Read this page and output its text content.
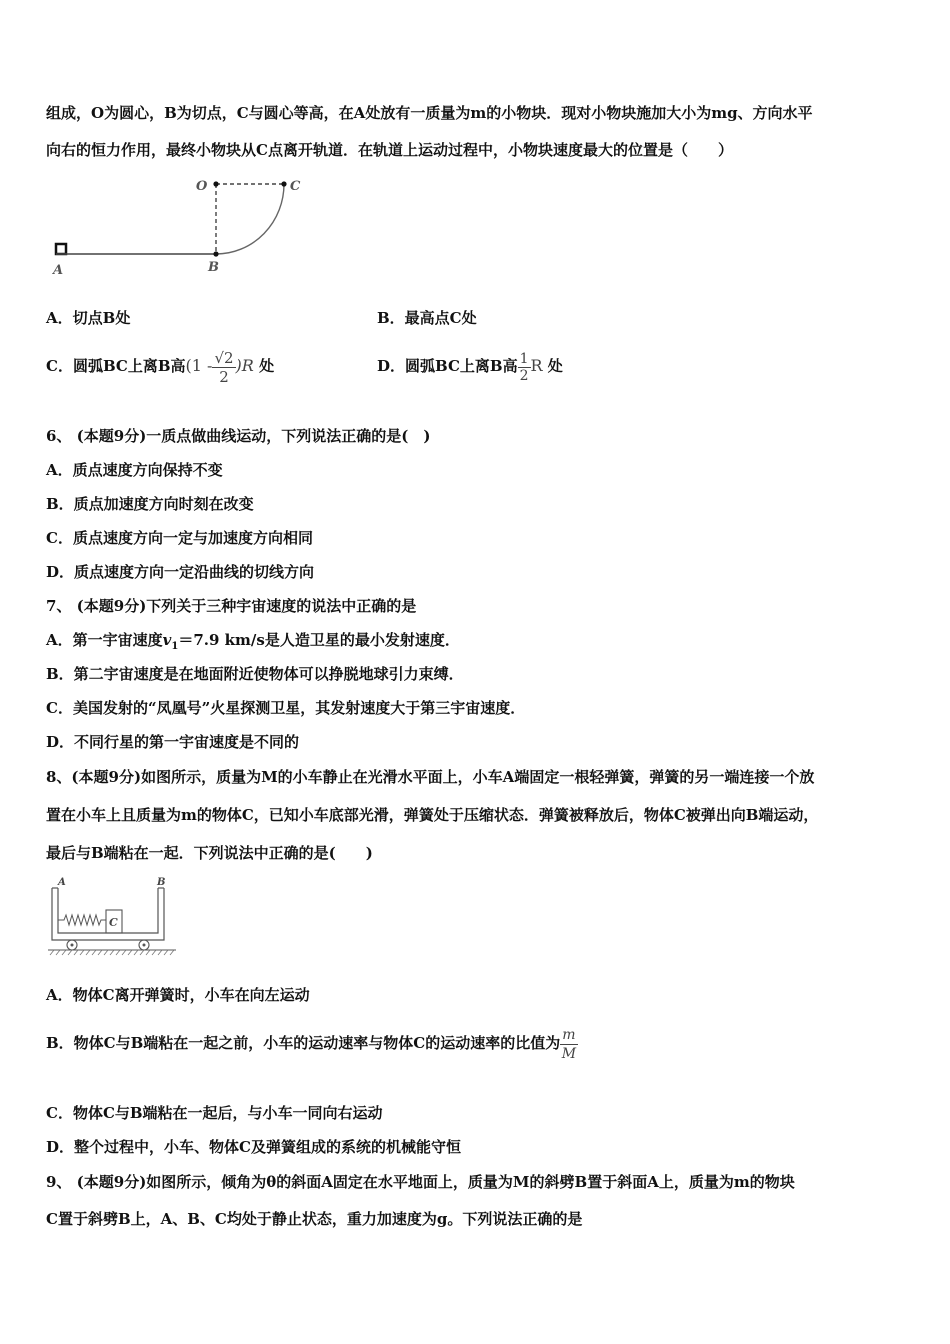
组成，O为圆心，B为切点，C与圆心等高，在A处放有一质量为m的小物块．现对小物块施加大小为mg、方向水平
向右的恒力作用，最终小物块从C点离开轨道．在轨道上运动过程中，小物块速度最大的位置是（　　）
O	C
A	B
A．切点B处	B．最高点C处
C．圆弧BC上离B高$(1 - \frac{√2}{2} )R$ 处	D．圆弧BC上离B高 $\frac{1}{2}$ R 处
6、 (本题9分)一质点做曲线运动，下列说法正确的是(　)
A．质点速度方向保持不变
B．质点加速度方向时刻在改变
C．质点速度方向一定与加速度方向相同
D．质点速度方向一定沿曲线的切线方向
7、 (本题9分)下列关于三种宇宙速度的说法中正确的是
A．第一宇宙速度$v_1=7.9$ km/s是人造卫星的最小发射速度．
B．第二宇宙速度是在地面附近使物体可以挣脱地球引力束缚．
C．美国发射的“凤凰号”火星探测卫星，其发射速度大于第三宇宙速度．
D．不同行星的第一宇宙速度是不同的
8、(本题9分)如图所示，质量为M的小车静止在光滑水平面上，小车A端固定一根轻弹簧，弹簧的另一端连接一个放
置在小车上且质量为m的物体C，已知小车底部光滑，弹簧处于压缩状态．弹簧被释放后，物体C被弹出向B端运动，
最后与B端粘在一起．下列说法中正确的是(　　)
A	B
C
A．物体C离开弹簧时，小车在向左运动
B．物体C与B端粘在一起之前，小车的运动速率与物体C的运动速率的比值为 $\frac{m}{M}$
C．物体C与B端粘在一起后，与小车一同向右运动
D．整个过程中，小车、物体C及弹簧组成的系统的机械能守恒
9、 (本题9分)如图所示，倾角为θ的斜面A固定在水平地面上，质量为M的斜劈B置于斜面A上，质量为m的物块
C置于斜劈B上，A、B、C均处于静止状态，重力加速度为g。下列说法正确的是
